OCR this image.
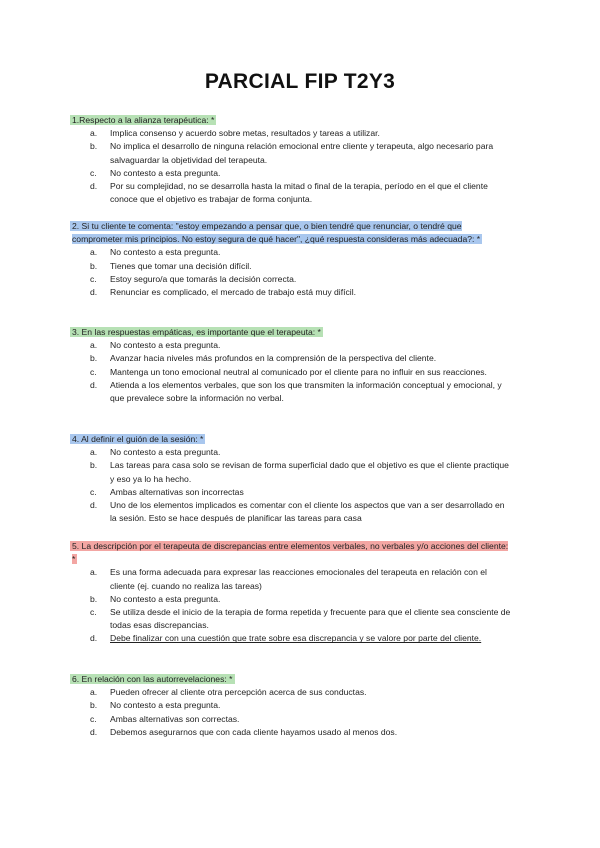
PARCIAL FIP T2Y3
1.Respecto a la alianza terapéutica: *
a.	Implica consenso y acuerdo sobre metas, resultados y tareas a utilizar.
b.	No implica el desarrollo de ninguna relación emocional entre cliente y terapeuta, algo necesario para salvaguardar la objetividad del terapeuta.
c.	No contesto a esta pregunta.
d.	Por su complejidad, no se desarrolla hasta la mitad o final de la terapia, período en el que el cliente conoce que el objetivo es trabajar de forma conjunta.
2. Si tu cliente te comenta: "estoy empezando a pensar que, o bien tendré que renunciar, o tendré que comprometer mis principios. No estoy segura de qué hacer", ¿qué respuesta consideras más adecuada?: *
a.	No contesto a esta pregunta.
b.	Tienes que tomar una decisión difícil.
c.	Estoy seguro/a que tomarás la decisión correcta.
d.	Renunciar es complicado, el mercado de trabajo está muy difícil.
3. En las respuestas empáticas, es importante que el terapeuta: *
a.	No contesto a esta pregunta.
b.	Avanzar hacia niveles más profundos en la comprensión de la perspectiva del cliente.
c.	Mantenga un tono emocional neutral al comunicado por el cliente para no influir en sus reacciones.
d.	Atienda a los elementos verbales, que son los que transmiten la información conceptual y emocional, y que prevalece sobre la información no verbal.
4. Al definir el guión de la sesión: *
a.	No contesto a esta pregunta.
b.	Las tareas para casa solo se revisan de forma superficial dado que el objetivo es que el cliente practique y eso ya lo ha hecho.
c.	Ambas alternativas son incorrectas
d.	Uno de los elementos implicados es comentar con el cliente los aspectos que van a ser desarrollado en la sesión. Esto se hace después de planificar las tareas para casa
5. La descripción por el terapeuta de discrepancias entre elementos verbales, no verbales y/o acciones del cliente: *
a.	Es una forma adecuada para expresar las reacciones emocionales del terapeuta en relación con el cliente (ej. cuando no realiza las tareas)
b.	No contesto a esta pregunta.
c.	Se utiliza desde el inicio de la terapia de forma repetida y frecuente para que el cliente sea consciente de todas esas discrepancias.
d.	Debe finalizar con una cuestión que trate sobre esa discrepancia y se valore por parte del cliente.
6. En relación con las autorrevelaciones: *
a.	Pueden ofrecer al cliente otra percepción acerca de sus conductas.
b.	No contesto a esta pregunta.
c.	Ambas alternativas son correctas.
d.	Debemos asegurarnos que con cada cliente hayamos usado al menos dos.
